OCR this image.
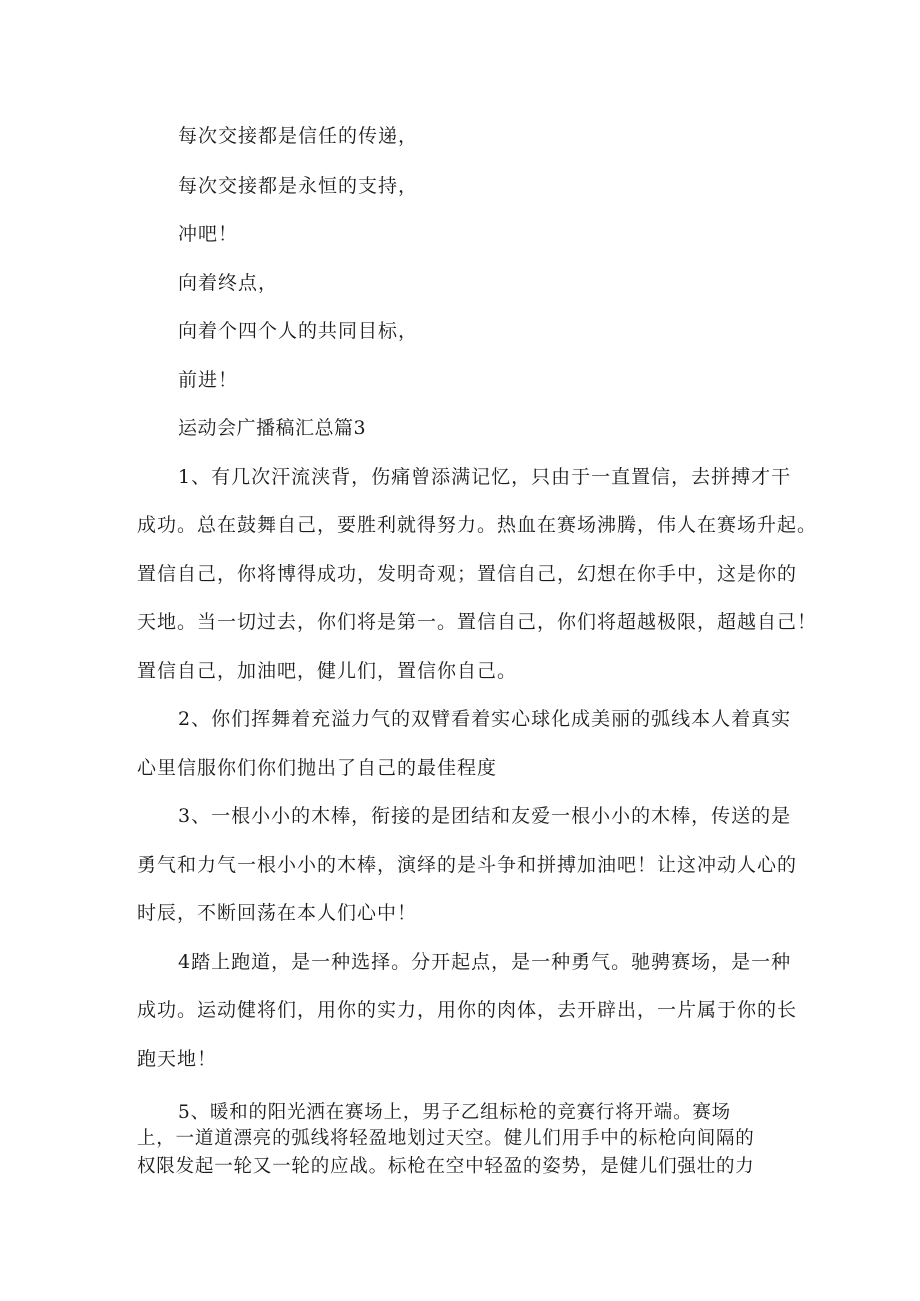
每次交接都是信任的传递，
每次交接都是永恒的支持，
冲吧！
向着终点，
向着个四个人的共同目标，
前进！
运动会广播稿汇总篇3
1、有几次汗流浃背，伤痛曾添满记忆，只由于一直置信，去拼搏才干
成功。总在鼓舞自己，要胜利就得努力。热血在赛场沸腾，伟人在赛场升起。
置信自己，你将博得成功，发明奇观；置信自己，幻想在你手中，这是你的
天地。当一切过去，你们将是第一。置信自己，你们将超越极限，超越自己！
置信自己，加油吧，健儿们，置信你自己。
2、你们挥舞着充溢力气的双臂看着实心球化成美丽的弧线本人着真实
心里信服你们你们抛出了自己的最佳程度
3、一根小小的木棒，衔接的是团结和友爱一根小小的木棒，传送的是
勇气和力气一根小小的木棒，演绎的是斗争和拼搏加油吧！让这冲动人心的
时辰，不断回荡在本人们心中！
4踏上跑道，是一种选择。分开起点，是一种勇气。驰骋赛场，是一种
成功。运动健将们，用你的实力，用你的肉体，去开辟出，一片属于你的长
跑天地！
5、暖和的阳光洒在赛场上，男子乙组标枪的竞赛行将开端。赛场
上，一道道漂亮的弧线将轻盈地划过天空。健儿们用手中的标枪向间隔的
权限发起一轮又一轮的应战。标枪在空中轻盈的姿势，是健儿们强壮的力
